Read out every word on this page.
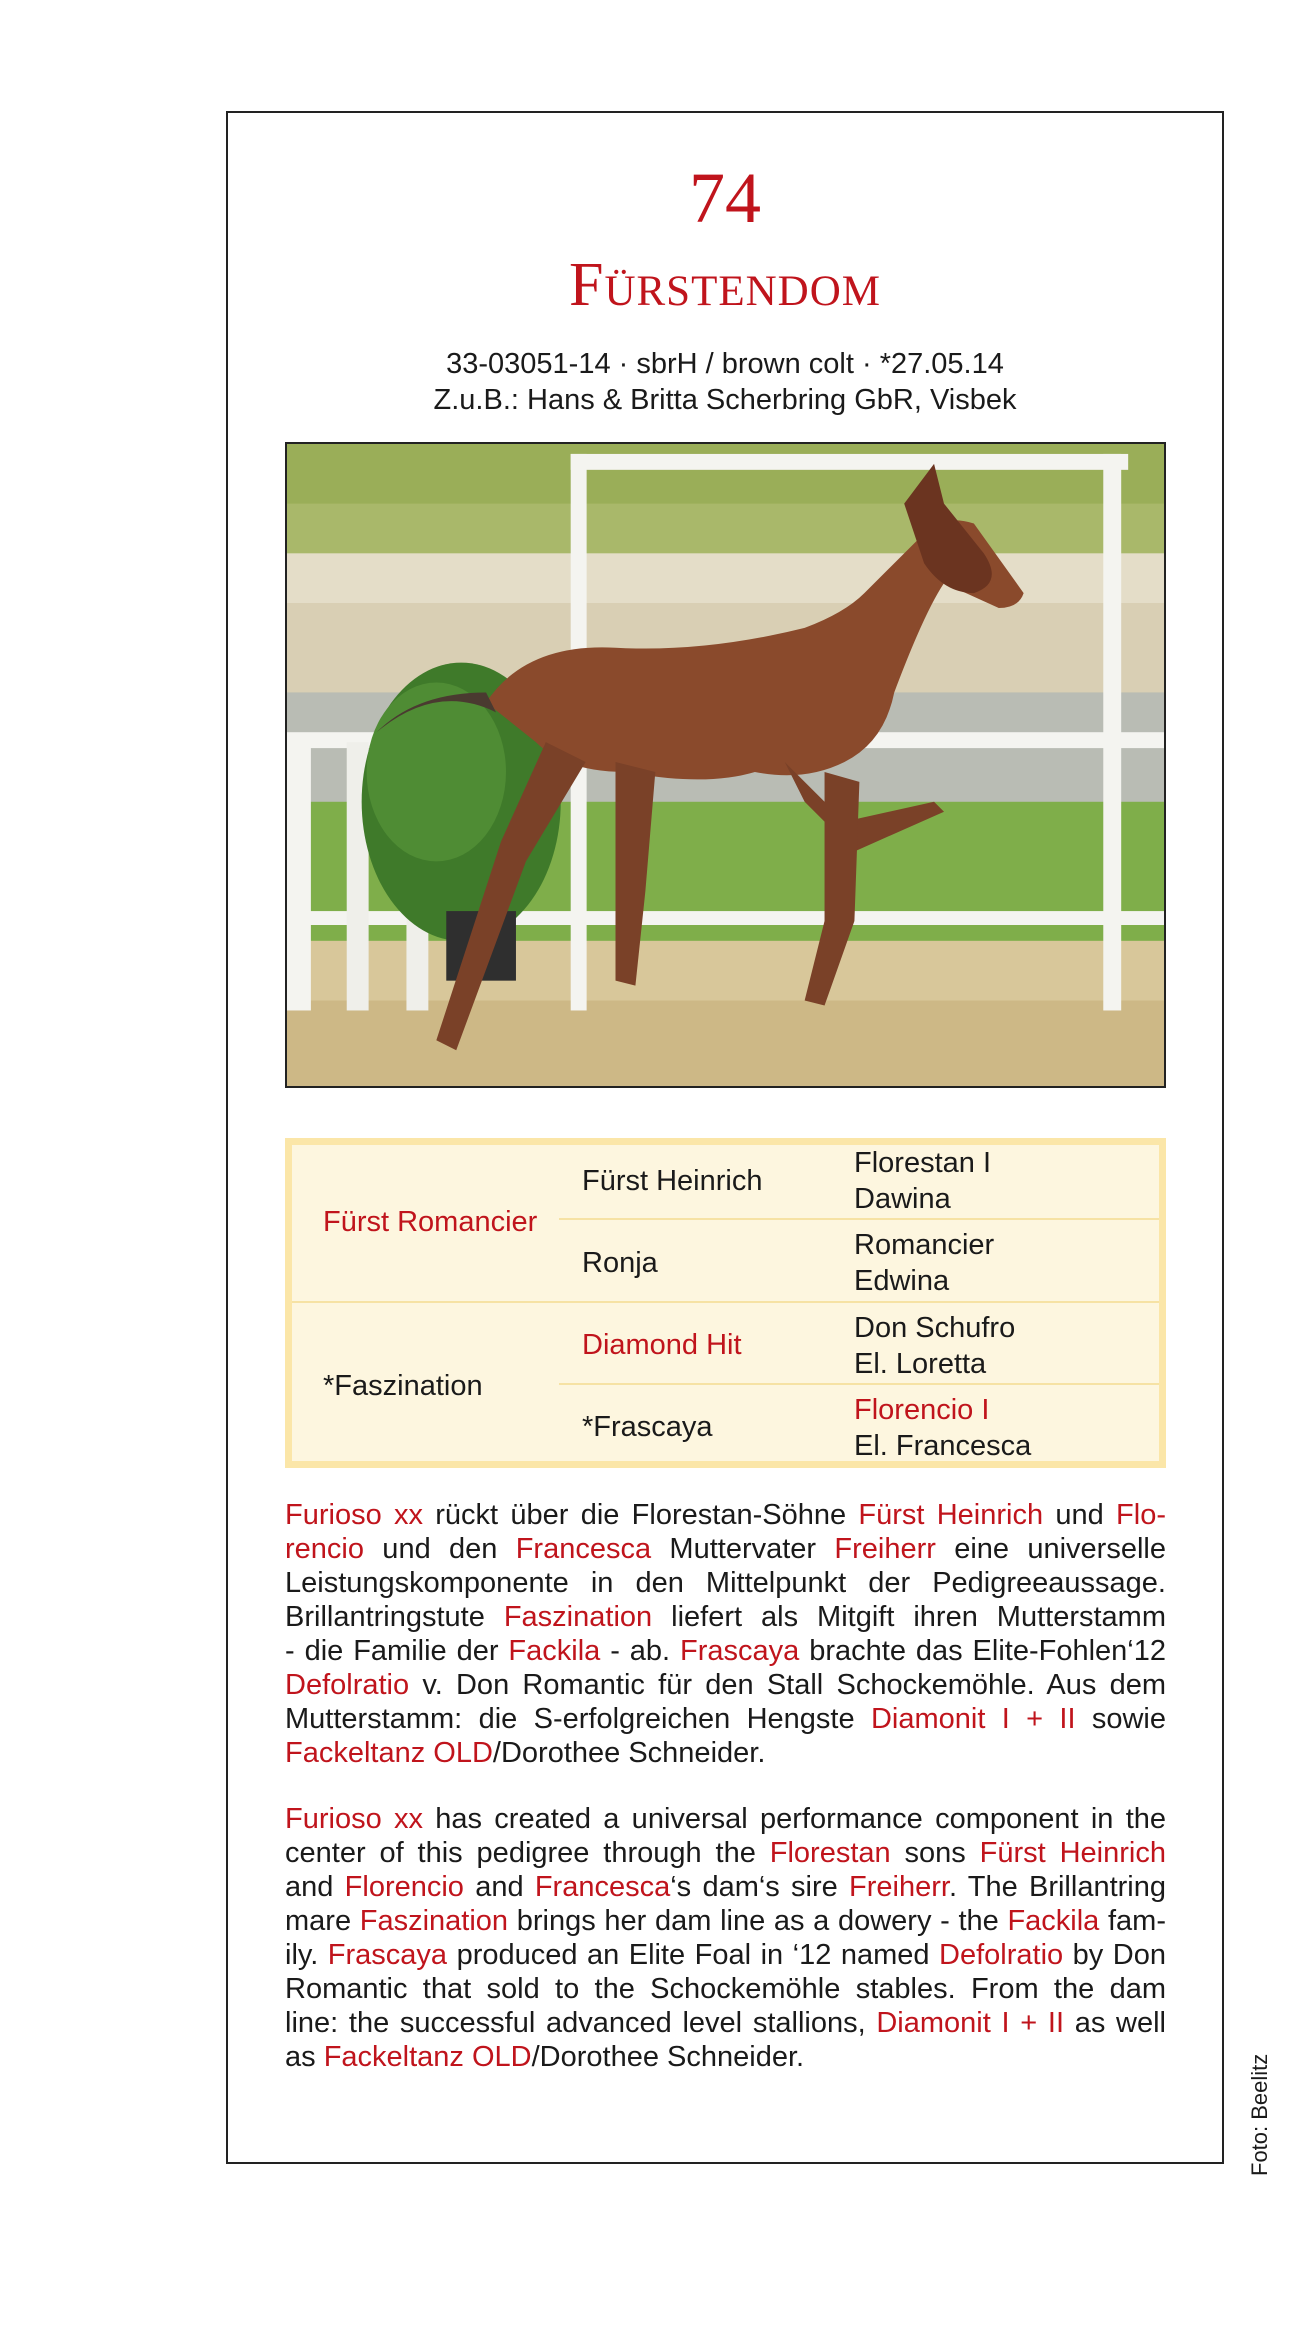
74
Fürstendom
33-03051-14 · sbrH / brown colt · *27.05.14
Z.u.B.: Hans & Britta Scherbring GbR, Visbek
Fürst Romancier
*Faszination
Fürst Heinrich
Ronja
Diamond Hit
*Frascaya
Florestan I
Dawina
Romancier
Edwina
Don Schufro
El. Loretta
Florencio I
El. Francesca
Furioso xx rückt über die Florestan-Söhne Fürst Heinrich und Flo-
rencio und den Francesca Muttervater Freiherr eine universelle
Leistungskomponente in den Mittelpunkt der Pedigreeaussage.
Brillantringstute Faszination liefert als Mitgift ihren Mutterstamm
- die Familie der Fackila - ab. Frascaya brachte das Elite-Fohlen‘12
Defolratio v. Don Romantic für den Stall Schockemöhle. Aus dem
Mutterstamm: die S-erfolgreichen Hengste Diamonit I + II sowie
Fackeltanz OLD/Dorothee Schneider.
Furioso xx has created a universal performance component in the
center of this pedigree through the Florestan sons Fürst Heinrich
and Florencio and Francesca‘s dam‘s sire Freiherr. The Brillantring
mare Faszination brings her dam line as a dowery - the Fackila fam-
ily. Frascaya produced an Elite Foal in ‘12 named Defolratio by Don
Romantic that sold to the Schockemöhle stables. From the dam
line: the successful advanced level stallions, Diamonit I + II as well
as Fackeltanz OLD/Dorothee Schneider.	Foto: Beelitz
